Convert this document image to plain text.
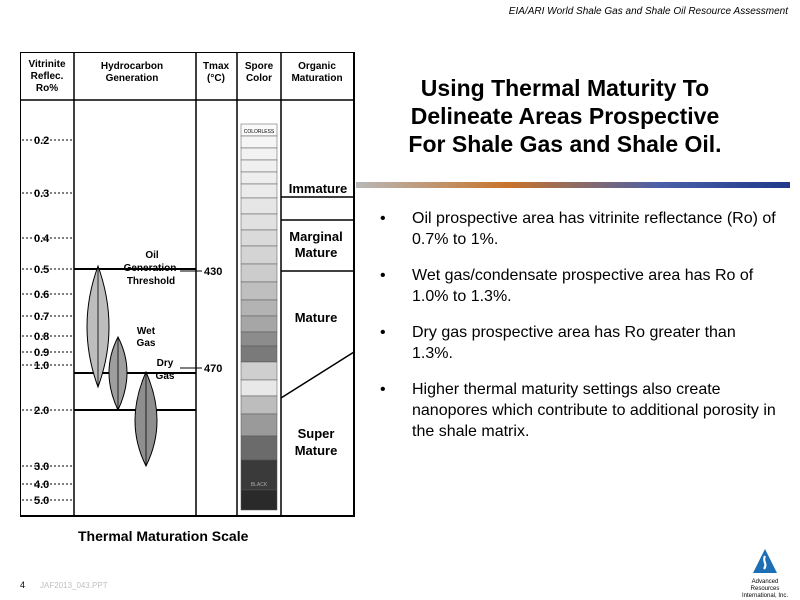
EIA/ARI World Shale Gas and Shale Oil Resource Assessment
Vitrinite
Reflec.
Ro%
Hydrocarbon
Generation
Tmax
(°C)
Spore
Color
Organic
Maturation
0.2
0.3
0.4
0.5
0.6
0.7
0.8
0.9
1.0
2.0
3.0
4.0
5.0
Oil
Generation
Threshold
Wet
Gas
Dry
Gas
430
470
COLORLESS
BLACK
Immature
Marginal
Mature
Mature
Super
Mature
Thermal Maturation Scale
Using Thermal Maturity To
Delineate Areas Prospective
For Shale Gas and Shale Oil.
• Oil prospective area has vitrinite reflectance (Ro) of 0.7% to 1%.
• Wet gas/condensate prospective area has Ro of 1.0% to 1.3%.
• Dry gas prospective area has Ro greater than 1.3%.
• Higher thermal maturity settings also create nanopores which contribute to additional porosity in the shale matrix.
4 JAF2013_043.PPT	Advanced Resources
International, Inc.
